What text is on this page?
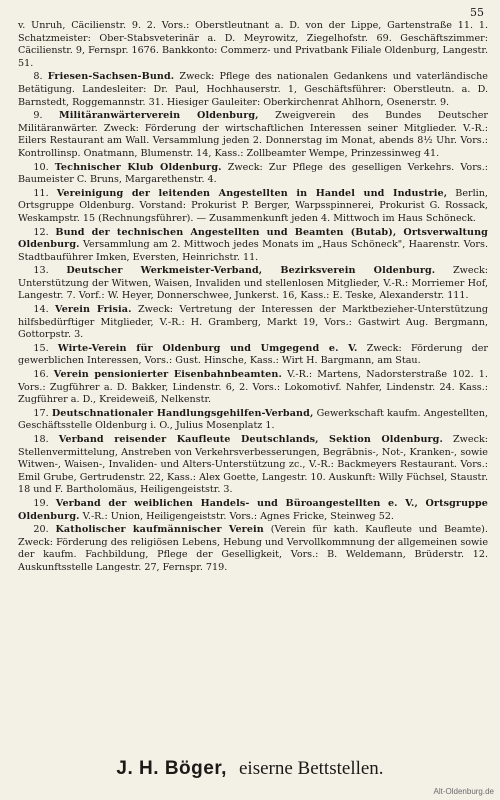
55

v. Unruh, Cäcilienstr. 9. 2. Vors.: Oberstleutnant a. D. von der Lippe, Gartenstraße 11. 1. Schatzmeister: Ober-Stabsveterinär a. D. Meyrowitz, Ziegelhofstr. 69. Geschäftszimmer: Cäcilienstr. 9, Fernspr. 1676. Bankkonto: Commerz- und Privatbank Filiale Oldenburg, Langestr. 51.

8. Friesen-Sachsen-Bund. Zweck: Pflege des nationalen Gedankens und vaterländische Betätigung. Landesleiter: Dr. Paul, Hochhauserstr. 1, Geschäftsführer: Oberstleutn. a. D. Barnstedt, Roggemannstr. 31. Hiesiger Gauleiter: Oberkirchenrat Ahlhorn, Osenerstr. 9.

9. Militäranwärterverein Oldenburg, Zweigverein des Bundes Deutscher Militäranwärter. Zweck: Förderung der wirtschaftlichen Interessen seiner Mitglieder. V.-R.: Eilers Restaurant am Wall. Versammlung jeden 2. Donnerstag im Monat, abends 8½ Uhr. Vors.: Kontrollinsp. Onatmann, Blumenstr. 14, Kass.: Zollbeamter Wempe, Prinzessinweg 41.

10. Technischer Klub Oldenburg. Zweck: Zur Pflege des geselligen Verkehrs. Vors.: Baumeister C. Bruns, Margarethenstr. 4.

11. Vereinigung der leitenden Angestellten in Handel und Industrie, Berlin, Ortsgruppe Oldenburg. Vorstand: Prokurist P. Berger, Warpsspinnerei, Prokurist G. Rossack, Weskampstr. 15 (Rechnungsführer). — Zusammenkunft jeden 4. Mittwoch im Haus Schöneck.

12. Bund der technischen Angestellten und Beamten (Butab), Ortsverwaltung Oldenburg. Versammlung am 2. Mittwoch jedes Monats im „Haus Schöneck", Haarenstr. Vors. Stadtbauführer Imken, Eversten, Heinrichstr. 11.

13. Deutscher Werkmeister-Verband, Bezirksverein Oldenburg. Zweck: Unterstützung der Witwen, Waisen, Invaliden und stellenlosen Mitglieder, V.-R.: Morriemer Hof, Langestr. 7. Vorf.: W. Heyer, Donnerschwee, Junkerst. 16, Kass.: E. Teske, Alexanderstr. 111.

14. Verein Frisia. Zweck: Vertretung der Interessen der Marktbezieher-Unterstützung hilfsbedürftiger Mitglieder, V.-R.: H. Gramberg, Markt 19, Vors.: Gastwirt Aug. Bergmann, Gottorpstr. 3.

15. Wirte-Verein für Oldenburg und Umgegend e. V. Zweck: Förderung der gewerblichen Interessen, Vors.: Gust. Hinsche, Kass.: Wirt H. Bargmann, am Stau.

16. Verein pensionierter Eisenbahnbeamten. V.-R.: Martens, Nadorsterstraße 102. 1. Vors.: Zugführer a. D. Bakker, Lindenstr. 6, 2. Vors.: Lokomotivf. Nahfer, Lindenstr. 24. Kass.: Zugführer a. D., Kreideweiß, Nelkenstr.

17. Deutschnationaler Handlungsgehilfen-Verband, Gewerkschaft kaufm. Angestellten, Geschäftsstelle Oldenburg i. O., Julius Mosenplatz 1.

18. Verband reisender Kaufleute Deutschlands, Sektion Oldenburg. Zweck: Stellenvermittelung, Anstreben von Verkehrsverbesserungen, Begräbnis-, Not-, Kranken-, sowie Witwen-, Waisen-, Invaliden- und Alters-Unterstützung zc., V.-R.: Backmeyers Restaurant. Vors.: Emil Grube, Gertrudenstr. 22, Kass.: Alex Goette, Langestr. 10. Auskunft: Willy Füchsel, Staustr. 18 und F. Bartholomäus, Heiligengeiststr. 3.

19. Verband der weiblichen Handels- und Büroangestellten e. V., Ortsgruppe Oldenburg. V.-R.: Union, Heiligengeiststr. Vors.: Agnes Fricke, Steinweg 52.

20. Katholischer kaufmännischer Verein (Verein für kath. Kaufleute und Beamte). Zweck: Förderung des religiösen Lebens, Hebung und Vervollkommnung der allgemeinen sowie der kaufm. Fachbildung, Pflege der Geselligkeit, Vors.: B. Weldemann, Brüderstr. 12. Auskunftsstelle Langestr. 27, Fernspr. 719.

J. H. Böger, eiserne Bettstellen.
Alt-Oldenburg.de
